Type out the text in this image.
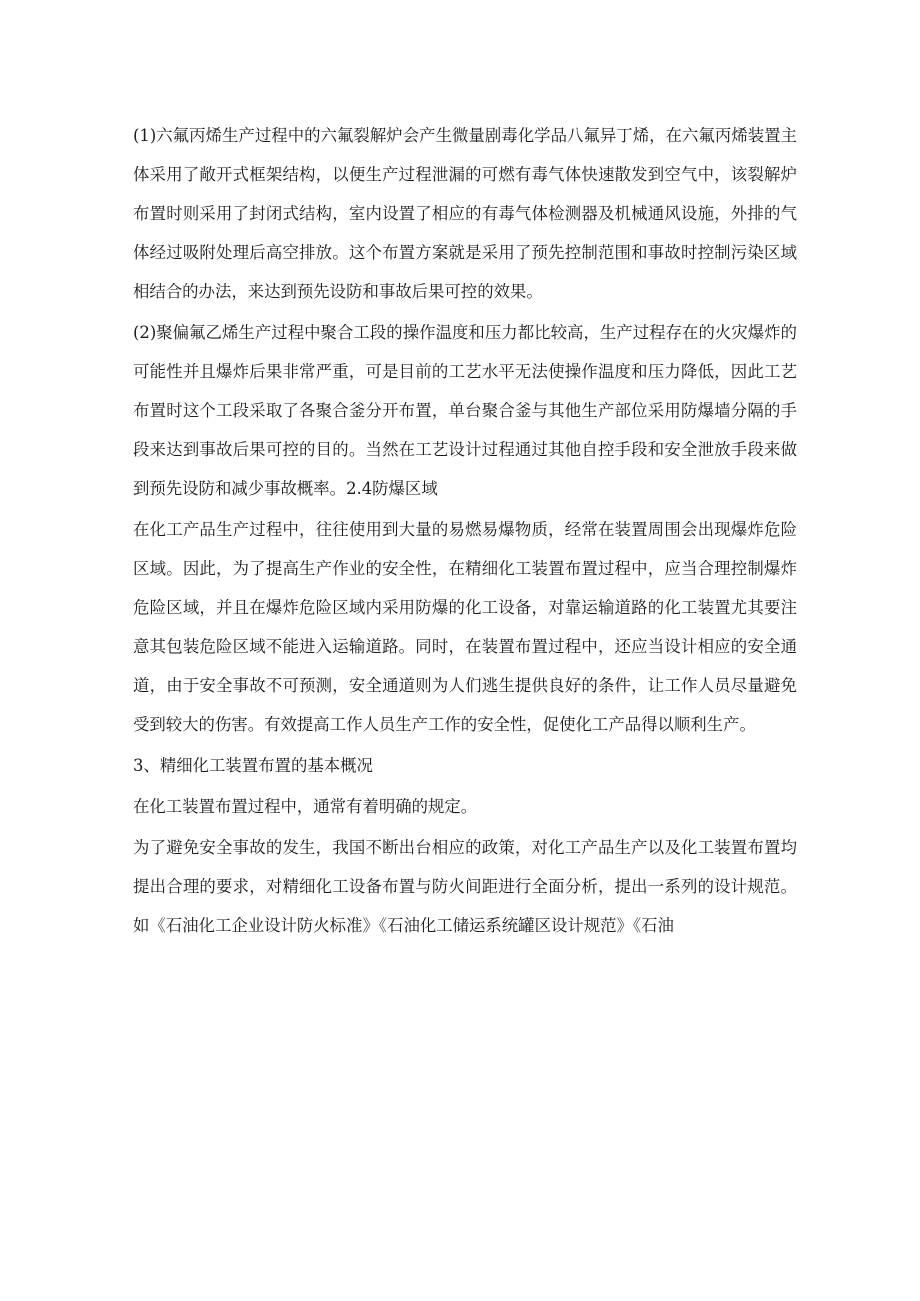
(1)六氟丙烯生产过程中的六氟裂解炉会产生微量剧毒化学品八氟异丁烯，在六氟丙烯装置主体采用了敞开式框架结构，以便生产过程泄漏的可燃有毒气体快速散发到空气中，该裂解炉布置时则采用了封闭式结构，室内设置了相应的有毒气体检测器及机械通风设施，外排的气体经过吸附处理后高空排放。这个布置方案就是采用了预先控制范围和事故时控制污染区域相结合的办法，来达到预先设防和事故后果可控的效果。

(2)聚偏氟乙烯生产过程中聚合工段的操作温度和压力都比较高，生产过程存在的火灾爆炸的可能性并且爆炸后果非常严重，可是目前的工艺水平无法使操作温度和压力降低，因此工艺布置时这个工段采取了各聚合釜分开布置，单台聚合釜与其他生产部位采用防爆墙分隔的手段来达到事故后果可控的目的。当然在工艺设计过程通过其他自控手段和安全泄放手段来做到预先设防和减少事故概率。2.4防爆区域

在化工产品生产过程中，往往使用到大量的易燃易爆物质，经常在装置周围会出现爆炸危险区域。因此，为了提高生产作业的安全性，在精细化工装置布置过程中，应当合理控制爆炸危险区域，并且在爆炸危险区域内采用防爆的化工设备，对靠运输道路的化工装置尤其要注意其包装危险区域不能进入运输道路。同时，在装置布置过程中，还应当设计相应的安全通道，由于安全事故不可预测，安全通道则为人们逃生提供良好的条件，让工作人员尽量避免受到较大的伤害。有效提高工作人员生产工作的安全性，促使化工产品得以顺利生产。

3、精细化工装置布置的基本概况

在化工装置布置过程中，通常有着明确的规定。

为了避免安全事故的发生，我国不断出台相应的政策，对化工产品生产以及化工装置布置均提出合理的要求，对精细化工设备布置与防火间距进行全面分析，提出一系列的设计规范。如《石油化工企业设计防火标准》《石油化工储运系统罐区设计规范》《石油
